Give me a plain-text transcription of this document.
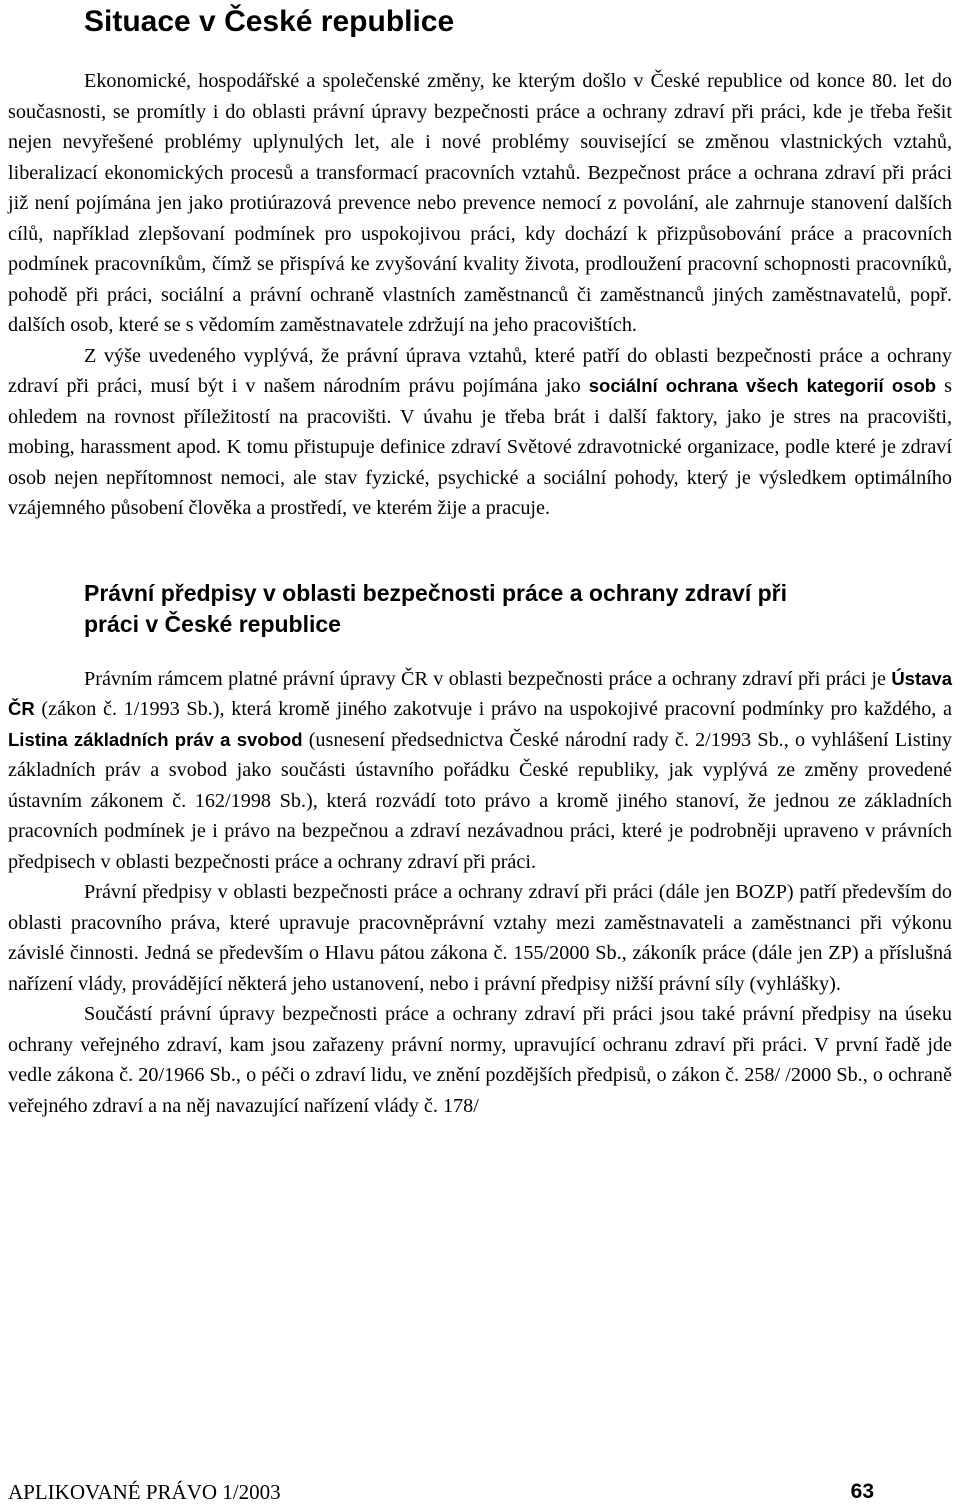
Situace v České republice

Ekonomické, hospodářské a společenské změny, ke kterým došlo v České republice od konce 80. let do současnosti, se promítly i do oblasti právní úpravy bezpečnosti práce a ochrany zdraví při práci, kde je třeba řešit nejen nevyřešené problémy uplynulých let, ale i nové problémy související se změnou vlastnických vztahů, liberalizací ekonomických procesů a transformací pracovních vztahů. Bezpečnost práce a ochrana zdraví při práci již není pojímána jen jako protiúrazová prevence nebo prevence nemocí z povolání, ale zahrnuje stanovení dalších cílů, například zlepšovaní podmínek pro uspokojivou práci, kdy dochází k přizpůsobování práce a pracovních podmínek pracovníkům, čímž se přispívá ke zvyšování kvality života, prodloužení pracovní schopnosti pracovníků, pohodě při práci, sociální a právní ochraně vlastních zaměstnanců či zaměstnanců jiných zaměstnavatelů, popř. dalších osob, které se s vědomím zaměstnavatele zdržují na jeho pracovištích.

Z výše uvedeného vyplývá, že právní úprava vztahů, které patří do oblasti bezpečnosti práce a ochrany zdraví při práci, musí být i v našem národním právu pojímána jako sociální ochrana všech kategorií osob s ohledem na rovnost příležitostí na pracovišti. V úvahu je třeba brát i další faktory, jako je stres na pracovišti, mobing, harassment apod. K tomu přistupuje definice zdraví Světové zdravotnické organizace, podle které je zdraví osob nejen nepřítomnost nemoci, ale stav fyzické, psychické a sociální pohody, který je výsledkem optimálního vzájemného působení člověka a prostředí, ve kterém žije a pracuje.

Právní předpisy v oblasti bezpečnosti práce a ochrany zdraví při práci v České republice

Právním rámcem platné právní úpravy ČR v oblasti bezpečnosti práce a ochrany zdraví při práci je Ústava ČR (zákon č. 1/1993 Sb.), která kromě jiného zakotvuje i právo na uspokojivé pracovní podmínky pro každého, a Listina základních práv a svobod (usnesení předsednictva České národní rady č. 2/1993 Sb., o vyhlášení Listiny základních práv a svobod jako součásti ústavního pořádku České republiky, jak vyplývá ze změny provedené ústavním zákonem č. 162/1998 Sb.), která rozvádí toto právo a kromě jiného stanoví, že jednou ze základních pracovních podmínek je i právo na bezpečnou a zdraví nezávadnou práci, které je podrobněji upraveno v právních předpisech v oblasti bezpečnosti práce a ochrany zdraví při práci.

Právní předpisy v oblasti bezpečnosti práce a ochrany zdraví při práci (dále jen BOZP) patří především do oblasti pracovního práva, které upravuje pracovněprávní vztahy mezi zaměstnavateli a zaměstnanci při výkonu závislé činnosti. Jedná se především o Hlavu pátou zákona č. 155/2000 Sb., zákoník práce (dále jen ZP) a příslušná nařízení vlády, provádějící některá jeho ustanovení, nebo i právní předpisy nižší právní síly (vyhlášky).

Součástí právní úpravy bezpečnosti práce a ochrany zdraví při práci jsou také právní předpisy na úseku ochrany veřejného zdraví, kam jsou zařazeny právní normy, upravující ochranu zdraví při práci. V první řadě jde vedle zákona č. 20/1966 Sb., o péči o zdraví lidu, ve znění pozdějších předpisů, o zákon č. 258/ /2000 Sb., o ochraně veřejného zdraví a na něj navazující nařízení vlády č. 178/

APLIKOVANÉ PRÁVO 1/2003	63
